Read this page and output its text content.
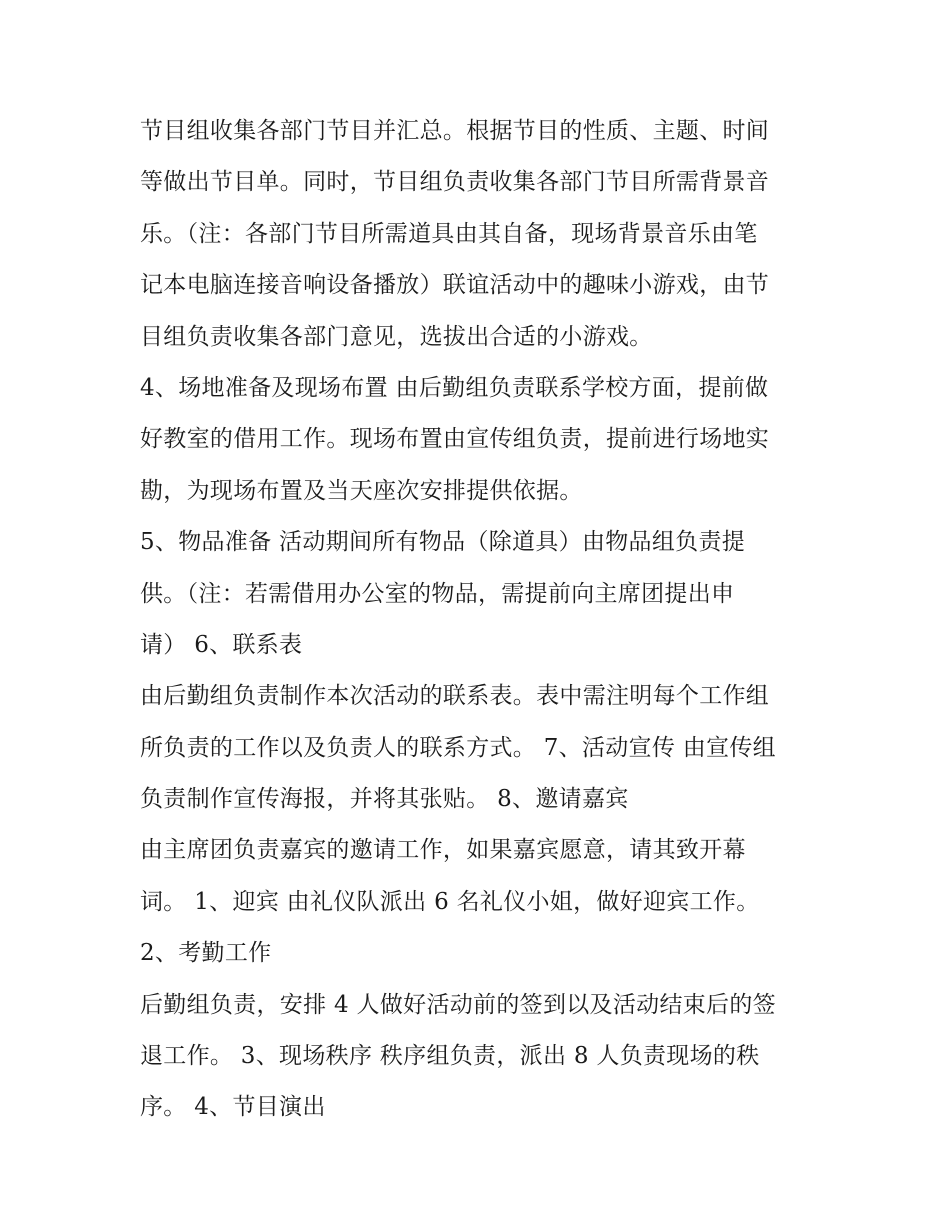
节目组收集各部门节目并汇总。根据节目的性质、主题、时间
等做出节目单。同时，节目组负责收集各部门节目所需背景音
乐。（注：各部门节目所需道具由其自备，现场背景音乐由笔
记本电脑连接音响设备播放）联谊活动中的趣味小游戏，由节
目组负责收集各部门意见，选拔出合适的小游戏。
4、场地准备及现场布置 由后勤组负责联系学校方面，提前做
好教室的借用工作。现场布置由宣传组负责，提前进行场地实
勘，为现场布置及当天座次安排提供依据。
5、物品准备 活动期间所有物品（除道具）由物品组负责提
供。（注：若需借用办公室的物品，需提前向主席团提出申
请） 6、联系表
由后勤组负责制作本次活动的联系表。表中需注明每个工作组
所负责的工作以及负责人的联系方式。 7、活动宣传 由宣传组
负责制作宣传海报，并将其张贴。 8、邀请嘉宾
由主席团负责嘉宾的邀请工作，如果嘉宾愿意，请其致开幕
词。 1、迎宾 由礼仪队派出 6 名礼仪小姐，做好迎宾工作。
2、考勤工作
后勤组负责，安排 4 人做好活动前的签到以及活动结束后的签
退工作。 3、现场秩序 秩序组负责，派出 8 人负责现场的秩
序。 4、节目演出
